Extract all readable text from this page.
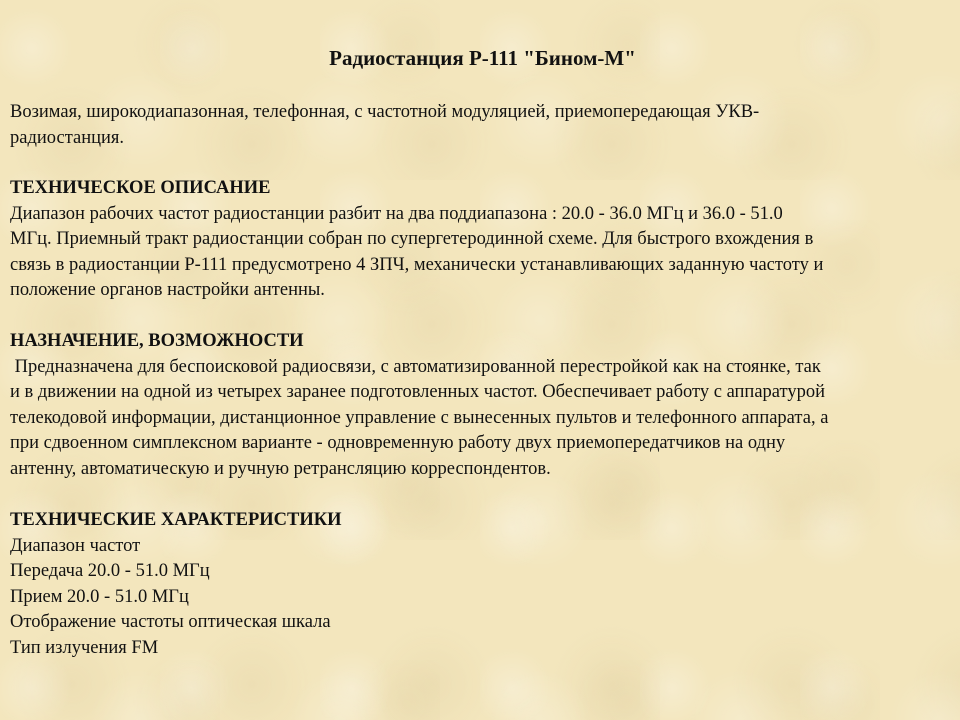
Радиостанция Р-111 "Бином-М"
Возимая, широкодиапазонная, телефонная, с частотной модуляцией, приемопередающая УКВ-
радиостанция.
ТЕХНИЧЕСКОЕ ОПИСАНИЕ
Диапазон рабочих частот радиостанции разбит на два поддиапазона : 20.0 - 36.0 МГц и 36.0 - 51.0
МГц. Приемный тракт радиостанции собран по супергетеродинной схеме. Для быстрого вхождения в
связь в радиостанции Р-111 предусмотрено 4 ЗПЧ, механически устанавливающих заданную частоту и
положение органов настройки антенны.
НАЗНАЧЕНИЕ, ВОЗМОЖНОСТИ
Предназначена для беспоисковой радиосвязи, с автоматизированной перестройкой как на стоянке, так
и в движении на одной из четырех заранее подготовленных частот. Обеспечивает работу с аппаратурой
телекодовой информации, дистанционное управление с вынесенных пультов и телефонного аппарата, а
при сдвоенном симплексном варианте - одновременную работу двух приемопередатчиков на одну
антенну, автоматическую и ручную ретрансляцию корреспондентов.
ТЕХНИЧЕСКИЕ ХАРАКТЕРИСТИКИ
Диапазон частот
Передача 20.0 - 51.0 МГц
Прием 20.0 - 51.0 МГц
Отображение частоты оптическая шкала
Тип излучения FM
